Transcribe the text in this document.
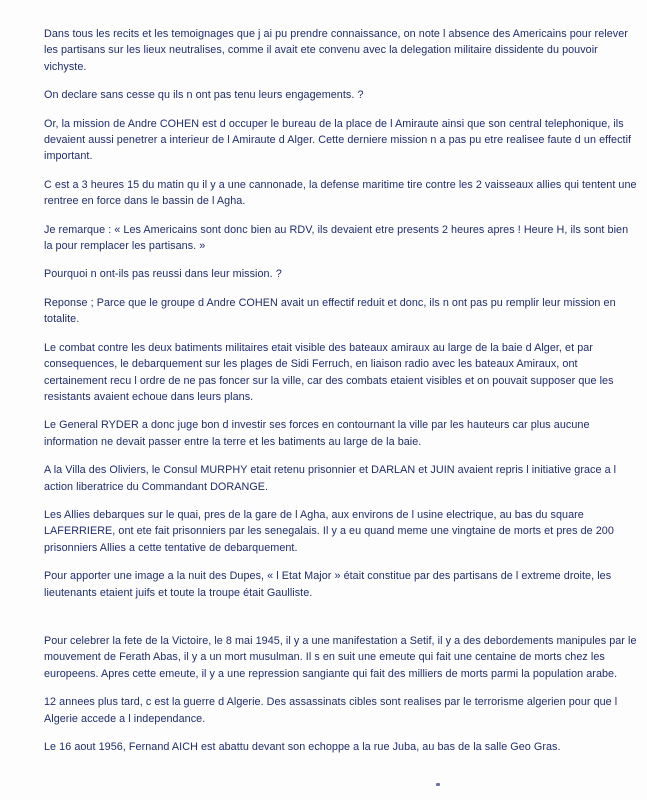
Dans tous les recits et les temoignages que j ai pu prendre connaissance, on note l absence des Americains pour relever les partisans sur les lieux neutralises, comme il avait ete convenu avec la delegation militaire dissidente du pouvoir vichyste.

On declare sans cesse qu ils n ont pas tenu leurs engagements. ?

Or, la mission de Andre COHEN est d occuper le bureau de la place de l Amiraute ainsi que son central telephonique, ils devaient aussi penetrer a interieur de l Amiraute d Alger. Cette derniere mission n a pas pu etre realisee faute d un effectif important.

C est a 3 heures 15 du matin qu il y a une cannonade, la defense maritime tire contre les 2 vaisseaux allies qui tentent une rentree en force dans le bassin de l Agha.

Je remarque : « Les Americains sont donc bien au RDV, ils devaient etre presents 2 heures apres ! Heure H, ils sont bien la pour remplacer les partisans. »

Pourquoi n ont-ils pas reussi dans leur mission. ?

Reponse ; Parce que le groupe d Andre COHEN avait un effectif reduit et donc, ils n ont pas pu remplir leur mission en totalite.

Le combat contre les deux batiments militaires etait visible des bateaux amiraux au large de la baie d Alger, et par consequences, le debarquement sur les plages de Sidi Ferruch, en liaison radio avec les bateaux Amiraux, ont certainement recu l ordre de ne pas foncer sur la ville, car des combats etaient visibles et on pouvait supposer que les resistants avaient echoue dans leurs plans.

Le General RYDER a donc juge bon d investir ses forces en contournant la ville par les hauteurs car plus aucune information ne devait passer entre la terre et les batiments au large de la baie.

A la Villa des Oliviers, le Consul MURPHY etait retenu prisonnier et DARLAN et JUIN avaient repris l initiative grace a l action liberatrice du Commandant DORANGE.

Les Allies debarques sur le quai, pres de la gare de l Agha, aux environs de l usine electrique, au bas du square LAFERRIERE, ont ete fait prisonniers par les senegalais. Il y a eu quand meme une vingtaine de morts et pres de 200 prisonniers Allies a cette tentative de debarquement.

Pour apporter une image a la nuit des Dupes, « l Etat Major » était constitue par des partisans de l extreme droite, les lieutenants etaient juifs et toute la troupe était Gaulliste.

Pour celebrer la fete de la Victoire, le 8 mai 1945, il y a une manifestation a Setif, il y a des debordements manipules par le mouvement de Ferath Abas, il y a un mort musulman. Il s en suit une emeute qui fait une centaine de morts chez les europeens. Apres cette emeute, il y a une repression sangiante qui fait des milliers de morts parmi la population arabe.

12 annees plus tard, c est la guerre d Algerie. Des assassinats cibles sont realises par le terrorisme algerien pour que l Algerie accede a l independance.

Le 16 aout 1956, Fernand AICH est abattu devant son echoppe a la rue Juba, au bas de la salle Geo Gras.
